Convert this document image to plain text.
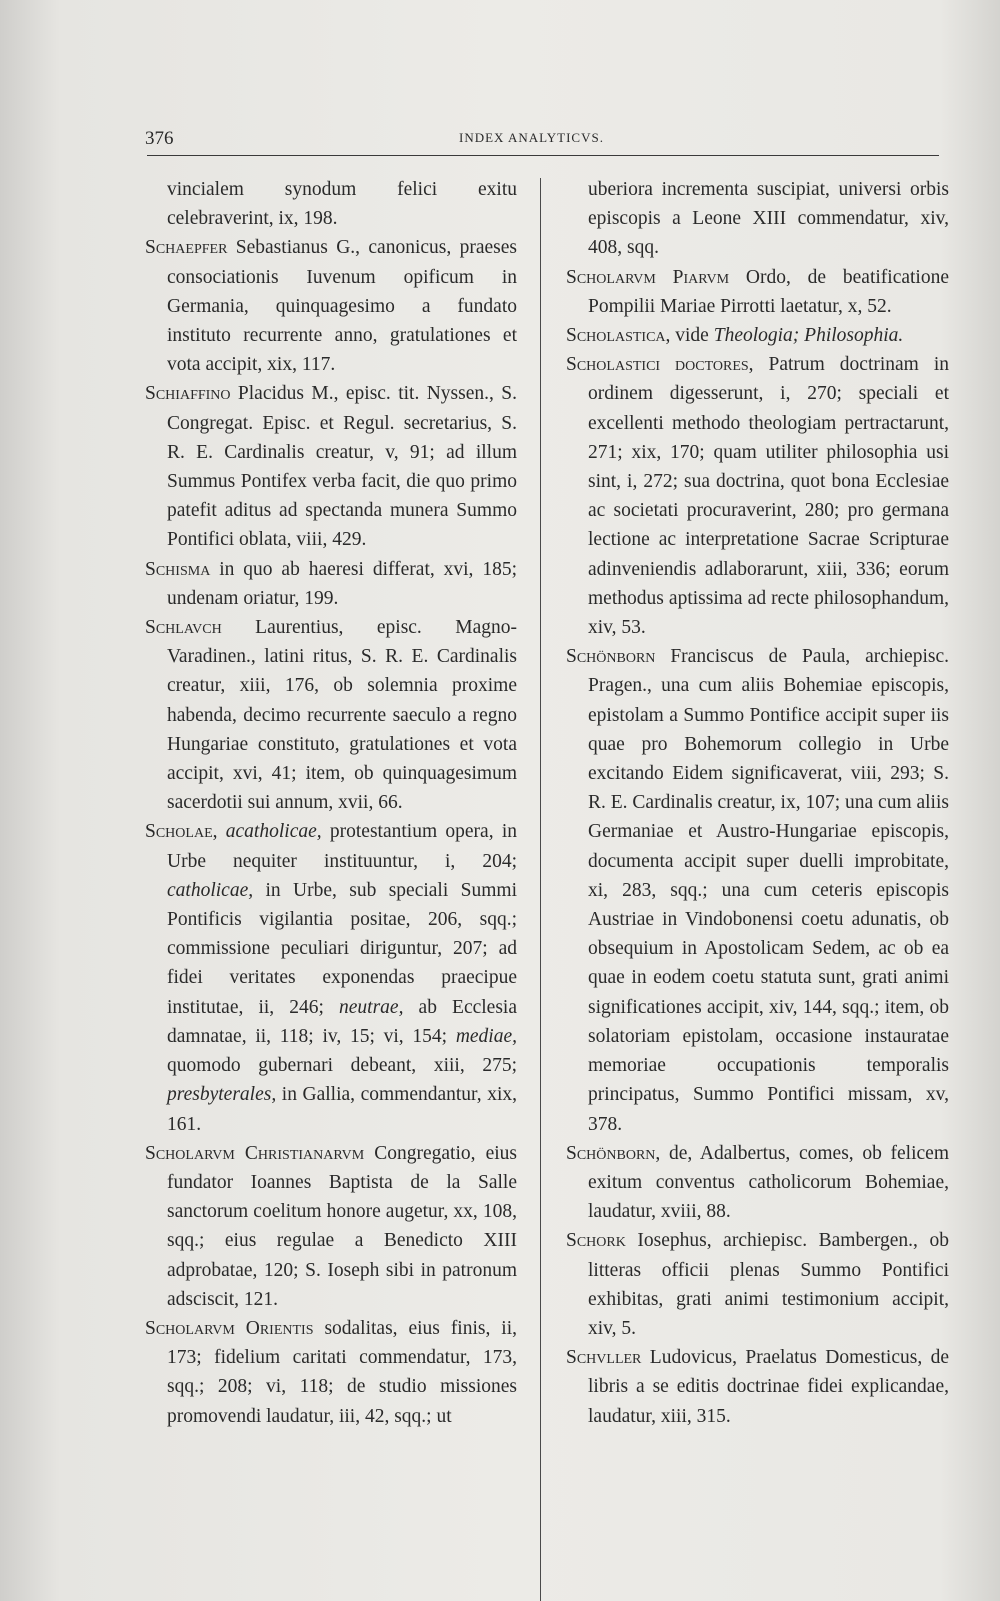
376	INDEX ANALYTICVS.

vincialem synodum felici exitu celebraverint, ix, 198.

Schaepfer Sebastianus G., canonicus, praeses consociationis Iuvenum opificum in Germania, quinquagesimo a fundato instituto recurrente anno, gratulationes et vota accipit, xix, 117.

Schiaffino Placidus M., episc. tit. Nyssen., S. Congregat. Episc. et Regul. secretarius, S. R. E. Cardinalis creatur, v, 91; ad illum Summus Pontifex verba facit, die quo primo patefit aditus ad spectanda munera Summo Pontifici oblata, viii, 429.

Schisma in quo ab haeresi differat, xvi, 185; undenam oriatur, 199.

Schlavch Laurentius, episc. Magno-Varadinen., latini ritus, S. R. E. Cardinalis creatur, xiii, 176, ob solemnia proxime habenda, decimo recurrente saeculo a regno Hungariae constituto, gratulationes et vota accipit, xvi, 41; item, ob quinquagesimum sacerdotii sui annum, xvii, 66.

Scholae, acatholicae, protestantium opera, in Urbe nequiter instituuntur, i, 204; catholicae, in Urbe, sub speciali Summi Pontificis vigilantia positae, 206, sqq.; commissione peculiari diriguntur, 207; ad fidei veritates exponendas praecipue institutae, ii, 246; neutrae, ab Ecclesia damnatae, ii, 118; iv, 15; vi, 154; mediae, quomodo gubernari debeant, xiii, 275; presbyterales, in Gallia, commendantur, xix, 161.

Scholarvm Christianarvm Congregatio, eius fundator Ioannes Baptista de la Salle sanctorum coelitum honore augetur, xx, 108, sqq.; eius regulae a Benedicto XIII adprobatae, 120; S. Ioseph sibi in patronum adsciscit, 121.

Scholarvm Orientis sodalitas, eius finis, ii, 173; fidelium caritati commendatur, 173, sqq.; 208; vi, 118; de studio missiones promovendi laudatur, iii, 42, sqq.; ut

uberiora incrementa suscipiat, universi orbis episcopis a Leone XIII commendatur, xiv, 408, sqq.

Scholarvm Piarvm Ordo, de beatificatione Pompilii Mariae Pirrotti laetatur, x, 52.

Scholastica, vide Theologia; Philosophia.

Scholastici doctores, Patrum doctrinam in ordinem digesserunt, i, 270; speciali et excellenti methodo theologiam pertractarunt, 271; xix, 170; quam utiliter philosophia usi sint, i, 272; sua doctrina, quot bona Ecclesiae ac societati procuraverint, 280; pro germana lectione ac interpretatione Sacrae Scripturae adinveniendis adlaborarunt, xiii, 336; eorum methodus aptissima ad recte philosophandum, xiv, 53.

Schönborn Franciscus de Paula, archiepisc. Pragen., una cum aliis Bohemiae episcopis, epistolam a Summo Pontifice accipit super iis quae pro Bohemorum collegio in Urbe excitando Eidem significaverat, viii, 293; S. R. E. Cardinalis creatur, ix, 107; una cum aliis Germaniae et Austro-Hungariae episcopis, documenta accipit super duelli improbitate, xi, 283, sqq.; una cum ceteris episcopis Austriae in Vindobonensi coetu adunatis, ob obsequium in Apostolicam Sedem, ac ob ea quae in eodem coetu statuta sunt, grati animi significationes accipit, xiv, 144, sqq.; item, ob solatoriam epistolam, occasione instauratae memoriae occupationis temporalis principatus, Summo Pontifici missam, xv, 378.

Schönborn, de, Adalbertus, comes, ob felicem exitum conventus catholicorum Bohemiae, laudatur, xviii, 88.

Schork Iosephus, archiepisc. Bambergen., ob litteras officii plenas Summo Pontifici exhibitas, grati animi testimonium accipit, xiv, 5.

Schvller Ludovicus, Praelatus Domesticus, de libris a se editis doctrinae fidei explicandae, laudatur, xiii, 315.
